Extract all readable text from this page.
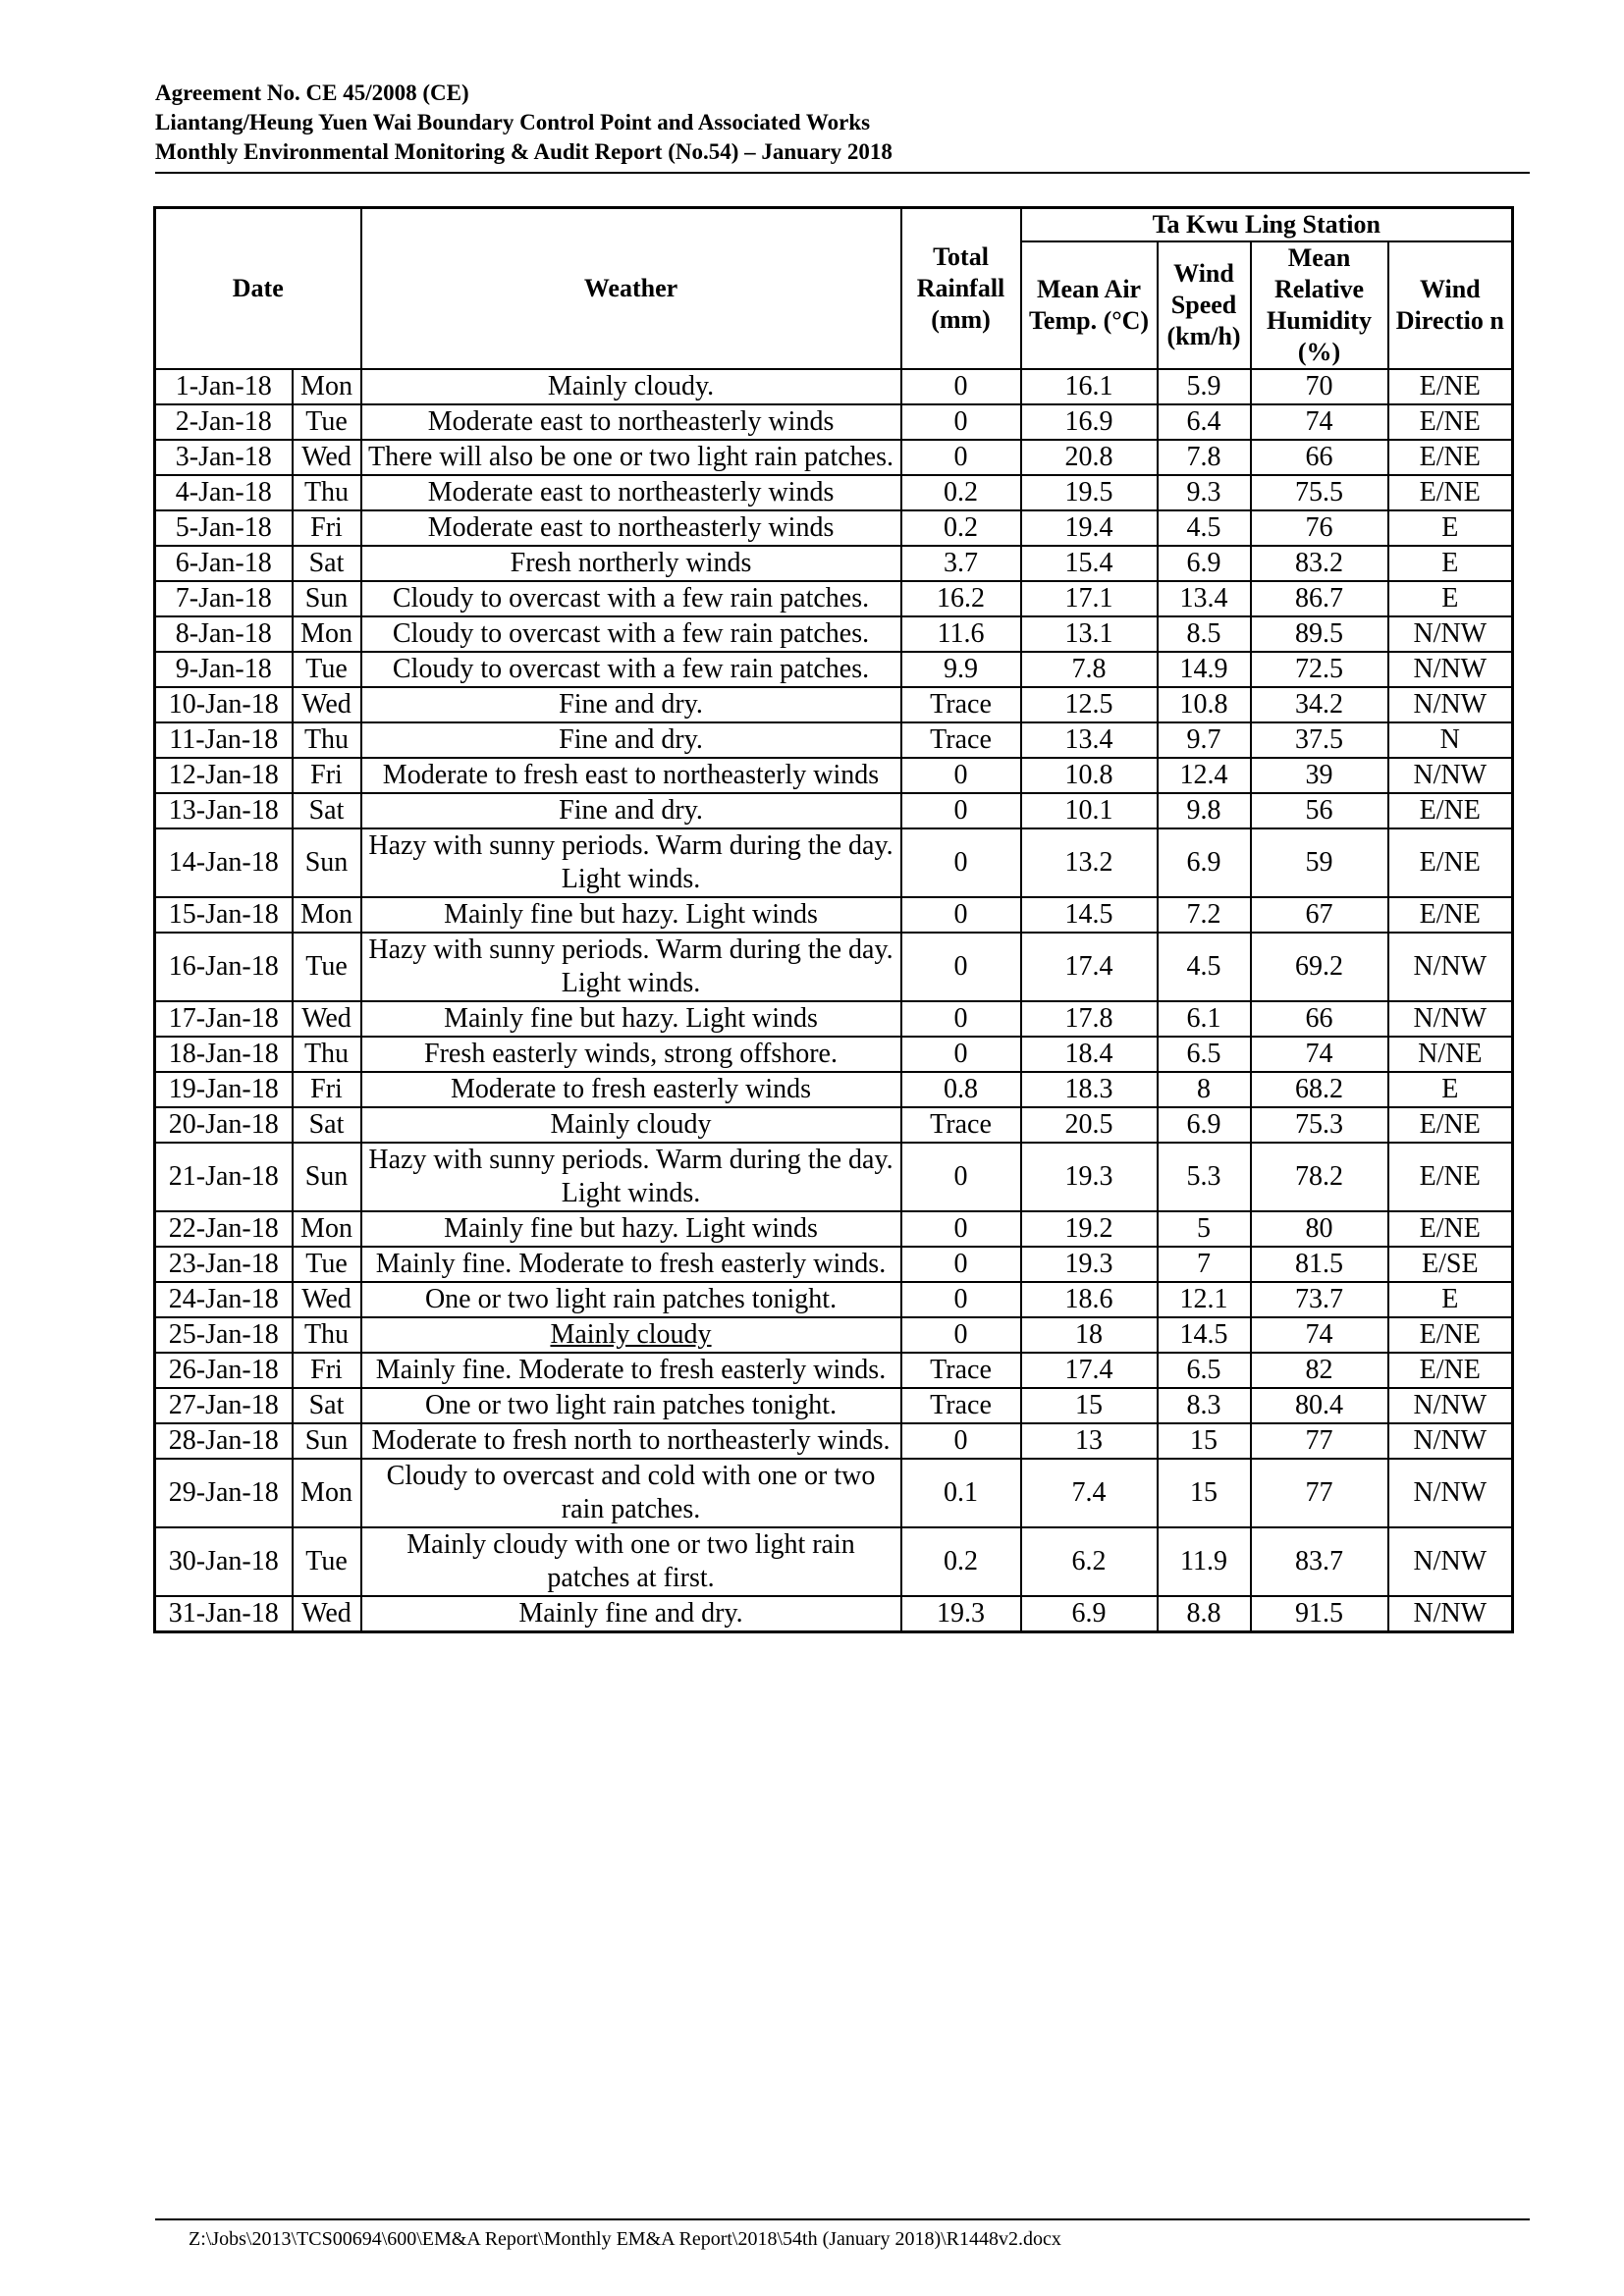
Agreement No. CE 45/2008 (CE)
Liantang/Heung Yuen Wai Boundary Control Point and Associated Works
Monthly Environmental Monitoring & Audit Report (No.54) – January 2018
Date		Weather	Total Rainfall (mm)	Ta Kwu Ling Station			
				Mean Air Temp. (°C)	Wind Speed (km/h)	Mean Relative Humidity (%)	Wind Directio n
1-Jan-18	Mon	Mainly cloudy.	0	16.1	5.9	70	E/NE
2-Jan-18	Tue	Moderate east to northeasterly winds	0	16.9	6.4	74	E/NE
3-Jan-18	Wed	There will also be one or two light rain patches.	0	20.8	7.8	66	E/NE
4-Jan-18	Thu	Moderate east to northeasterly winds	0.2	19.5	9.3	75.5	E/NE
5-Jan-18	Fri	Moderate east to northeasterly winds	0.2	19.4	4.5	76	E
6-Jan-18	Sat	Fresh northerly winds	3.7	15.4	6.9	83.2	E
7-Jan-18	Sun	Cloudy to overcast with a few rain patches.	16.2	17.1	13.4	86.7	E
8-Jan-18	Mon	Cloudy to overcast with a few rain patches.	11.6	13.1	8.5	89.5	N/NW
9-Jan-18	Tue	Cloudy to overcast with a few rain patches.	9.9	7.8	14.9	72.5	N/NW
10-Jan-18	Wed	Fine and dry.	Trace	12.5	10.8	34.2	N/NW
11-Jan-18	Thu	Fine and dry.	Trace	13.4	9.7	37.5	N
12-Jan-18	Fri	Moderate to fresh east to northeasterly winds	0	10.8	12.4	39	N/NW
13-Jan-18	Sat	Fine and dry.	0	10.1	9.8	56	E/NE
14-Jan-18	Sun	Hazy with sunny periods. Warm during the day. Light winds.	0	13.2	6.9	59	E/NE
15-Jan-18	Mon	Mainly fine but hazy. Light winds	0	14.5	7.2	67	E/NE
16-Jan-18	Tue	Hazy with sunny periods. Warm during the day. Light winds.	0	17.4	4.5	69.2	N/NW
17-Jan-18	Wed	Mainly fine but hazy. Light winds	0	17.8	6.1	66	N/NW
18-Jan-18	Thu	Fresh easterly winds, strong offshore.	0	18.4	6.5	74	N/NE
19-Jan-18	Fri	Moderate to fresh easterly winds	0.8	18.3	8	68.2	E
20-Jan-18	Sat	Mainly cloudy	Trace	20.5	6.9	75.3	E/NE
21-Jan-18	Sun	Hazy with sunny periods. Warm during the day. Light winds.	0	19.3	5.3	78.2	E/NE
22-Jan-18	Mon	Mainly fine but hazy. Light winds	0	19.2	5	80	E/NE
23-Jan-18	Tue	Mainly fine. Moderate to fresh easterly winds.	0	19.3	7	81.5	E/SE
24-Jan-18	Wed	One or two light rain patches tonight.	0	18.6	12.1	73.7	E
25-Jan-18	Thu	Mainly cloudy	0	18	14.5	74	E/NE
26-Jan-18	Fri	Mainly fine. Moderate to fresh easterly winds.	Trace	17.4	6.5	82	E/NE
27-Jan-18	Sat	One or two light rain patches tonight.	Trace	15	8.3	80.4	N/NW
28-Jan-18	Sun	Moderate to fresh north to northeasterly winds.	0	13	15	77	N/NW
29-Jan-18	Mon	Cloudy to overcast and cold with one or two rain patches.	0.1	7.4	15	77	N/NW
30-Jan-18	Tue	Mainly cloudy with one or two light rain patches at first.	0.2	6.2	11.9	83.7	N/NW
31-Jan-18	Wed	Mainly fine and dry.	19.3	6.9	8.8	91.5	N/NW
Z:\Jobs\2013\TCS00694\600\EM&A Report\Monthly EM&A Report\2018\54th (January 2018)\R1448v2.docx
